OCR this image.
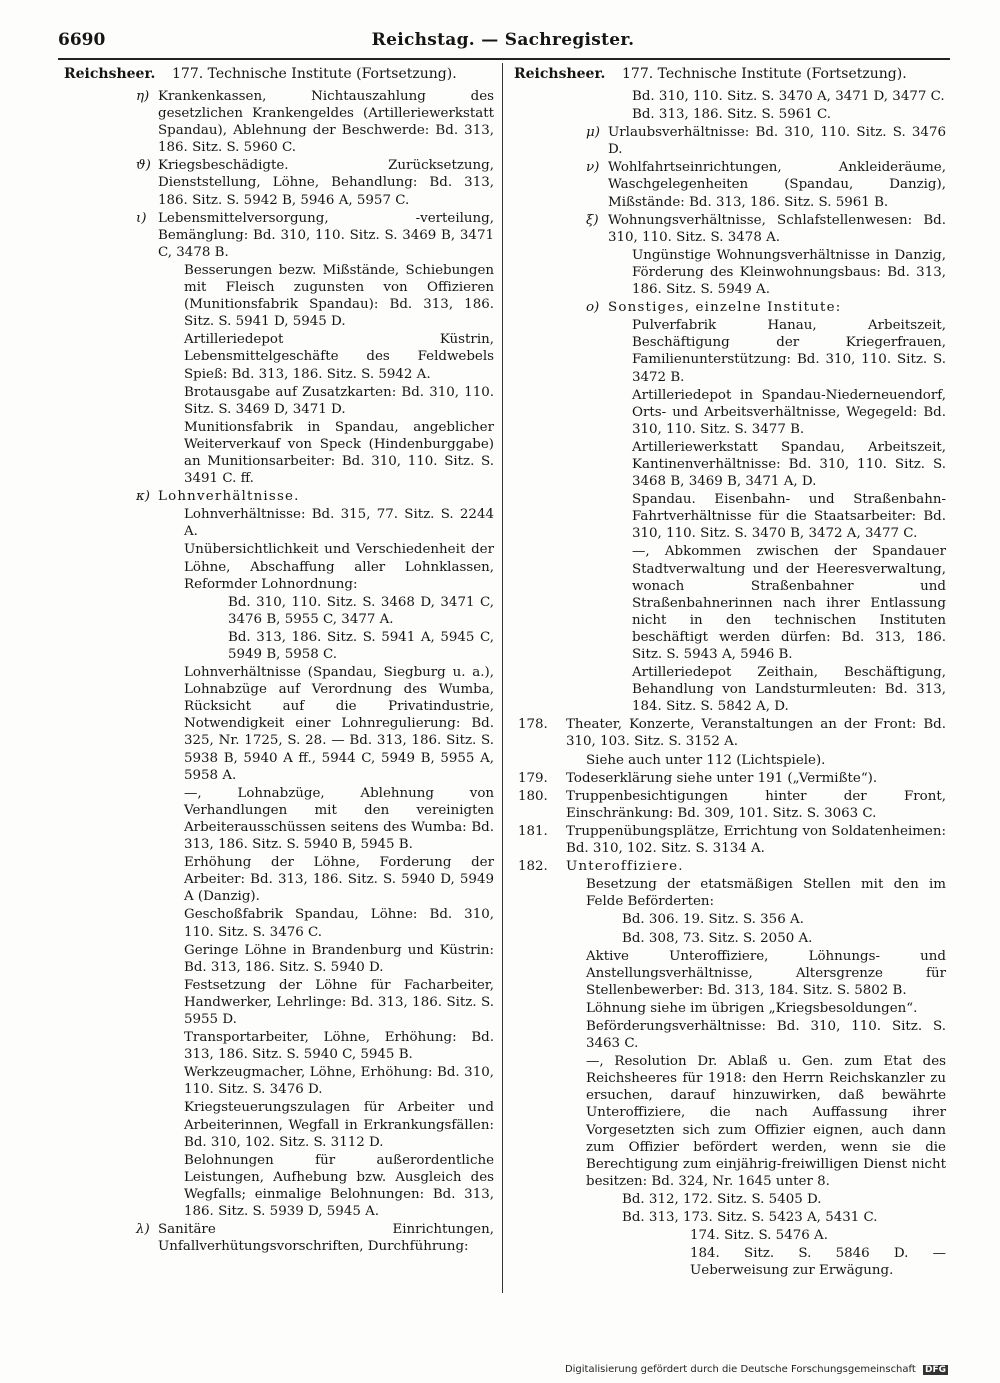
6690	Reichstag. — Sachregister.
Reichsheer. 177. Technische Institute (Fortsetzung).
η) Krankenkassen, Nichtauszahlung des gesetzlichen Krankengeldes (Artilleriewerkstatt Spandau), Ablehnung der Beschwerde: Bd. 313, 186. Sitz. S. 5960 C.
ϑ) Kriegsbeschädigte. Zurücksetzung, Dienststellung, Löhne, Behandlung: Bd. 313, 186. Sitz. S. 5942 B, 5946 A, 5957 C.
ι) Lebensmittelversorgung, -verteilung, Bemänglung: Bd. 310, 110. Sitz. S. 3469 B, 3471 C, 3478 B.
Besserungen bezw. Mißstände, Schiebungen mit Fleisch zugunsten von Offizieren (Munitionsfabrik Spandau): Bd. 313, 186. Sitz. S. 5941 D, 5945 D.
Artilleriedepot Küstrin, Lebensmittelgeschäfte des Feldwebels Spieß: Bd. 313, 186. Sitz. S. 5942 A.
Brotausgabe auf Zusatzkarten: Bd. 310, 110. Sitz. S. 3469 D, 3471 D.
Munitionsfabrik in Spandau, angeblicher Weiterverkauf von Speck (Hindenburggabe) an Munitionsarbeiter: Bd. 310, 110. Sitz. S. 3491 C. ff.
κ) Lohnverhältnisse.
Lohnverhältnisse: Bd. 315, 77. Sitz. S. 2244 A.
Unübersichtlichkeit und Verschiedenheit der Löhne, Abschaffung aller Lohnklassen, Reformder Lohnordnung:
Bd. 310, 110. Sitz. S. 3468 D, 3471 C, 3476 B, 5955 C, 3477 A.
Bd. 313, 186. Sitz. S. 5941 A, 5945 C, 5949 B, 5958 C.
Lohnverhältnisse (Spandau, Siegburg u. a.), Lohnabzüge auf Verordnung des Wumba, Rücksicht auf die Privatindustrie, Notwendigkeit einer Lohnregulierung: Bd. 325, Nr. 1725, S. 28. — Bd. 313, 186. Sitz. S. 5938 B, 5940 A ff., 5944 C, 5949 B, 5955 A, 5958 A.
—, Lohnabzüge, Ablehnung von Verhandlungen mit den vereinigten Arbeiterausschüssen seitens des Wumba: Bd. 313, 186. Sitz. S. 5940 B, 5945 B.
Erhöhung der Löhne, Forderung der Arbeiter: Bd. 313, 186. Sitz. S. 5940 D, 5949 A (Danzig).
Geschoßfabrik Spandau, Löhne: Bd. 310, 110. Sitz. S. 3476 C.
Geringe Löhne in Brandenburg und Küstrin: Bd. 313, 186. Sitz. S. 5940 D.
Festsetzung der Löhne für Facharbeiter, Handwerker, Lehrlinge: Bd. 313, 186. Sitz. S. 5955 D.
Transportarbeiter, Löhne, Erhöhung: Bd. 313, 186. Sitz. S. 5940 C, 5945 B.
Werkzeugmacher, Löhne, Erhöhung: Bd. 310, 110. Sitz. S. 3476 D.
Kriegsteuerungszulagen für Arbeiter und Arbeiterinnen, Wegfall in Erkrankungsfällen: Bd. 310, 102. Sitz. S. 3112 D.
Belohnungen für außerordentliche Leistungen, Aufhebung bzw. Ausgleich des Wegfalls; einmalige Belohnungen: Bd. 313, 186. Sitz. S. 5939 D, 5945 A.
λ) Sanitäre Einrichtungen, Unfallverhütungsvorschriften, Durchführung:
Reichsheer. 177. Technische Institute (Fortsetzung).
Bd. 310, 110. Sitz. S. 3470 A, 3471 D, 3477 C.
Bd. 313, 186. Sitz. S. 5961 C.
μ) Urlaubsverhältnisse: Bd. 310, 110. Sitz. S. 3476 D.
ν) Wohlfahrtseinrichtungen, Ankleideräume, Waschgelegenheiten (Spandau, Danzig), Mißstände: Bd. 313, 186. Sitz. S. 5961 B.
ξ) Wohnungsverhältnisse, Schlafstellenwesen: Bd. 310, 110. Sitz. S. 3478 A.
Ungünstige Wohnungsverhältnisse in Danzig, Förderung des Kleinwohnungsbaus: Bd. 313, 186. Sitz. S. 5949 A.
ο) Sonstiges, einzelne Institute:
Pulverfabrik Hanau, Arbeitszeit, Beschäftigung der Kriegerfrauen, Familienunterstützung: Bd. 310, 110. Sitz. S. 3472 B.
Artilleriedepot in Spandau-Niederneuendorf, Orts- und Arbeitsverhältnisse, Wegegeld: Bd. 310, 110. Sitz. S. 3477 B.
Artilleriewerkstatt Spandau, Arbeitszeit, Kantinenverhältnisse: Bd. 310, 110. Sitz. S. 3468 B, 3469 B, 3471 A, D.
Spandau. Eisenbahn- und Straßenbahn-Fahrtverhältnisse für die Staatsarbeiter: Bd. 310, 110. Sitz. S. 3470 B, 3472 A, 3477 C.
—, Abkommen zwischen der Spandauer Stadtverwaltung und der Heeresverwaltung, wonach Straßenbahner und Straßenbahnerinnen nach ihrer Entlassung nicht in den technischen Instituten beschäftigt werden dürfen: Bd. 313, 186. Sitz. S. 5943 A, 5946 B.
Artilleriedepot Zeithain, Beschäftigung, Behandlung von Landsturmleuten: Bd. 313, 184. Sitz. S. 5842 A, D.
178. Theater, Konzerte, Veranstaltungen an der Front: Bd. 310, 103. Sitz. S. 3152 A.
Siehe auch unter 112 (Lichtspiele).
179. Todeserklärung siehe unter 191 („Vermißte“).
180. Truppenbesichtigungen hinter der Front, Einschränkung: Bd. 309, 101. Sitz. S. 3063 C.
181. Truppenübungsplätze, Errichtung von Soldatenheimen: Bd. 310, 102. Sitz. S. 3134 A.
182. Unteroffiziere.
Besetzung der etatsmäßigen Stellen mit den im Felde Beförderten:
Bd. 306. 19. Sitz. S. 356 A.
Bd. 308, 73. Sitz. S. 2050 A.
Aktive Unteroffiziere, Löhnungs- und Anstellungsverhältnisse, Altersgrenze für Stellenbewerber: Bd. 313, 184. Sitz. S. 5802 B.
Löhnung siehe im übrigen „Kriegsbesoldungen“.
Beförderungsverhältnisse: Bd. 310, 110. Sitz. S. 3463 C.
—, Resolution Dr. Ablaß u. Gen. zum Etat des Reichsheeres für 1918: den Herrn Reichskanzler zu ersuchen, darauf hinzuwirken, daß bewährte Unteroffiziere, die nach Auffassung ihrer Vorgesetzten sich zum Offizier eignen, auch dann zum Offizier befördert werden, wenn sie die Berechtigung zum einjährig-freiwilligen Dienst nicht besitzen: Bd. 324, Nr. 1645 unter 8.
Bd. 312, 172. Sitz. S. 5405 D.
Bd. 313, 173. Sitz. S. 5423 A, 5431 C.
174. Sitz. S. 5476 A.
184. Sitz. S. 5846 D. — Ueberweisung zur Erwägung.
Digitalisierung gefördert durch die Deutsche Forschungsgemeinschaft DFG
